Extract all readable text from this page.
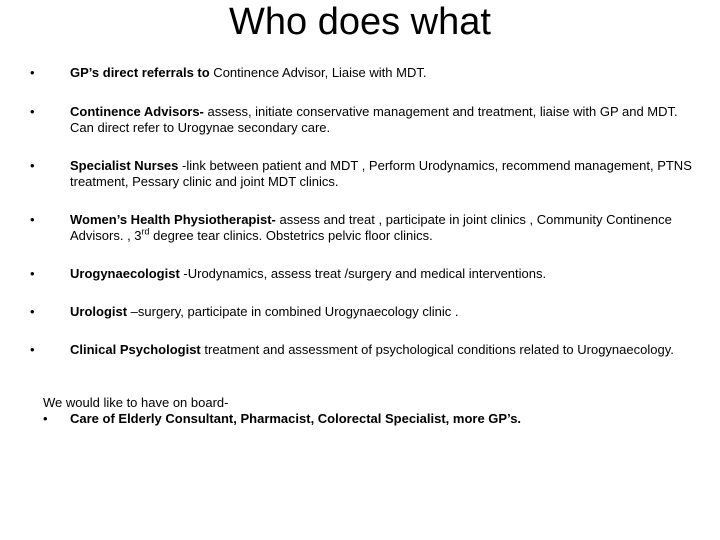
Who does what
•	GP’s direct referrals to Continence Advisor, Liaise with MDT.
•	Continence Advisors- assess, initiate conservative management and treatment, liaise with GP and MDT. Can direct refer to Urogynae secondary care.
•	Specialist Nurses -link between patient and MDT , Perform Urodynamics, recommend management, PTNS treatment, Pessary clinic and joint MDT clinics.
•	Women’s Health Physiotherapist- assess and treat , participate in joint clinics , Community Continence Advisors. , 3rd degree tear clinics. Obstetrics pelvic floor clinics.
•	Urogynaecologist -Urodynamics, assess treat /surgery and medical interventions.
•	Urologist –surgery, participate in combined Urogynaecology clinic .
•	Clinical Psychologist treatment and assessment of psychological conditions related to Urogynaecology.
We would like to have on board-
•	Care of Elderly Consultant, Pharmacist, Colorectal Specialist, more GP’s.
